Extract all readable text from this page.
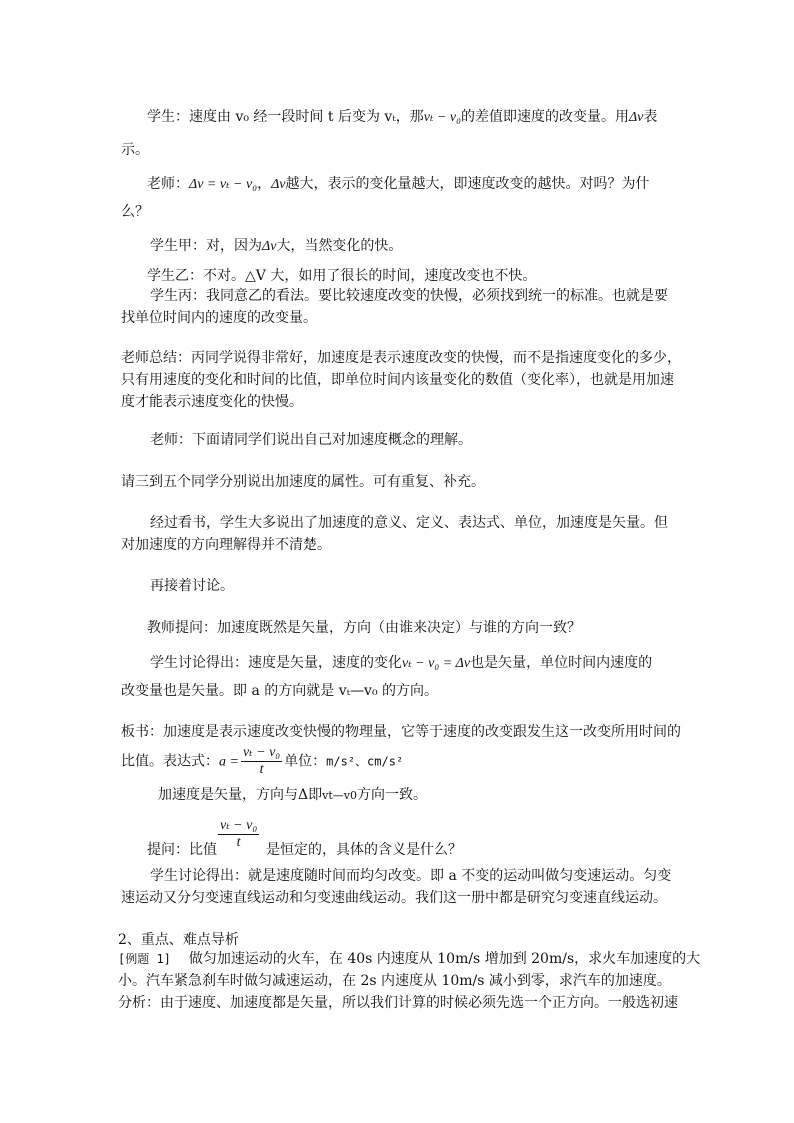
学生：速度由 v₀ 经一段时间 t 后变为 vₜ，那vₜ − v₀的差值即速度的改变量。用Δv表
示。
老师：Δv = vₜ − v₀，Δv越大，表示的变化量越大，即速度改变的越快。对吗？为什
么？
学生甲：对，因为Δv大，当然变化的快。
学生乙：不对。△V 大，如用了很长的时间，速度改变也不快。
学生丙：我同意乙的看法。要比较速度改变的快慢，必须找到统一的标准。也就是要
找单位时间内的速度的改变量。
老师总结：丙同学说得非常好，加速度是表示速度改变的快慢，而不是指速度变化的多少，
只有用速度的变化和时间的比值，即单位时间内该量变化的数值（变化率），也就是用加速
度才能表示速度变化的快慢。
老师：下面请同学们说出自己对加速度概念的理解。
请三到五个同学分别说出加速度的属性。可有重复、补充。
经过看书，学生大多说出了加速度的意义、定义、表达式、单位，加速度是矢量。但
对加速度的方向理解得并不清楚。
再接着讨论。
教师提问：加速度既然是矢量，方向（由谁来决定）与谁的方向一致？
学生讨论得出：速度是矢量，速度的变化vₜ − v₀ = Δv也是矢量，单位时间内速度的
改变量也是矢量。即 a 的方向就是 vₜ—v₀ 的方向。
板书：加速度是表示速度改变快慢的物理量，它等于速度的改变跟发生这一改变所用时间的
比值。表达式：$a = \frac{\text{vₜ − v₀}}{t}$ 单位：m/s²、cm/s²
加速度是矢量，方向与Δ即vt—v0方向一致。
$\frac{\text{vₜ − v₀}}{t}$
提问：比值	是恒定的，具体的含义是什么？
学生讨论得出：就是速度随时间而均匀改变。即 a 不变的运动叫做匀变速运动。匀变
速运动又分匀变速直线运动和匀变速曲线运动。我们这一册中都是研究匀变速直线运动。
2、重点、难点导析
[例题 1] 做匀加速运动的火车，在 40s 内速度从 10m/s 增加到 20m/s，求火车加速度的大
小。汽车紧急刹车时做匀减速运动，在 2s 内速度从 10m/s 减小到零，求汽车的加速度。
分析：由于速度、加速度都是矢量，所以我们计算的时候必须先选一个正方向。一般选初速
